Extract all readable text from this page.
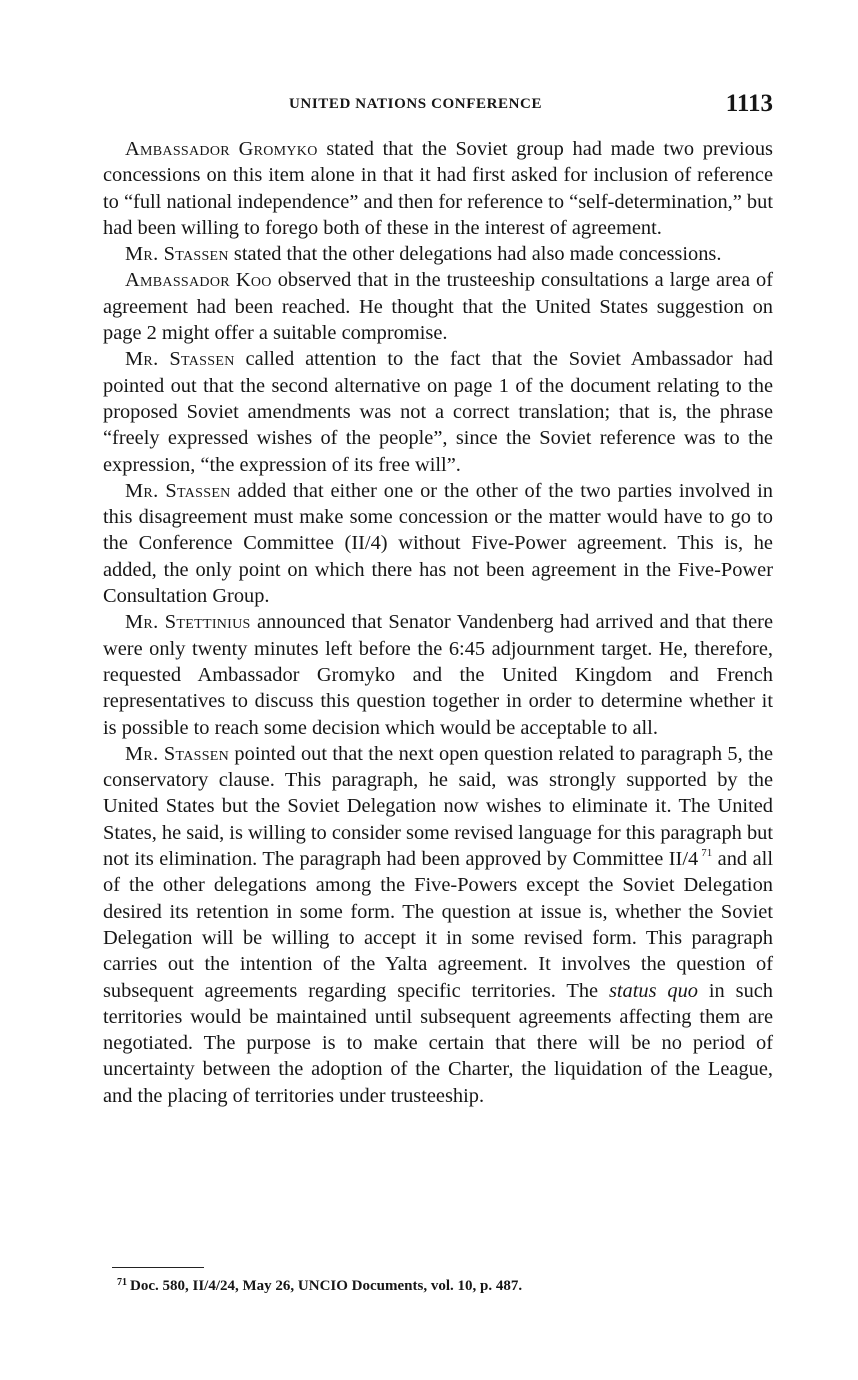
UNITED NATIONS CONFERENCE	1113

Ambassador Gromyko stated that the Soviet group had made two previous concessions on this item alone in that it had first asked for inclusion of reference to “full national independence” and then for reference to “self-determination,” but had been willing to forego both of these in the interest of agreement.

Mr. Stassen stated that the other delegations had also made concessions.

Ambassador Koo observed that in the trusteeship consultations a large area of agreement had been reached. He thought that the United States suggestion on page 2 might offer a suitable compromise.

Mr. Stassen called attention to the fact that the Soviet Ambassador had pointed out that the second alternative on page 1 of the document relating to the proposed Soviet amendments was not a correct translation; that is, the phrase “freely expressed wishes of the people”, since the Soviet reference was to the expression, “the expression of its free will”.

Mr. Stassen added that either one or the other of the two parties involved in this disagreement must make some concession or the matter would have to go to the Conference Committee (II/4) without Five-Power agreement. This is, he added, the only point on which there has not been agreement in the Five-Power Consultation Group.

Mr. Stettinius announced that Senator Vandenberg had arrived and that there were only twenty minutes left before the 6:45 adjournment target. He, therefore, requested Ambassador Gromyko and the United Kingdom and French representatives to discuss this question together in order to determine whether it is possible to reach some decision which would be acceptable to all.

Mr. Stassen pointed out that the next open question related to paragraph 5, the conservatory clause. This paragraph, he said, was strongly supported by the United States but the Soviet Delegation now wishes to eliminate it. The United States, he said, is willing to consider some revised language for this paragraph but not its elimination. The paragraph had been approved by Committee II/4 $^{71}$ and all of the other delegations among the Five-Powers except the Soviet Delegation desired its retention in some form. The question at issue is, whether the Soviet Delegation will be willing to accept it in some revised form. This paragraph carries out the intention of the Yalta agreement. It involves the question of subsequent agreements regarding specific territories. The status quo in such territories would be maintained until subsequent agreements affecting them are negotiated. The purpose is to make certain that there will be no period of uncertainty between the adoption of the Charter, the liquidation of the League, and the placing of territories under trusteeship.

$^{71}$ Doc. 580, II/4/24, May 26, UNCIO Documents, vol. 10, p. 487.
